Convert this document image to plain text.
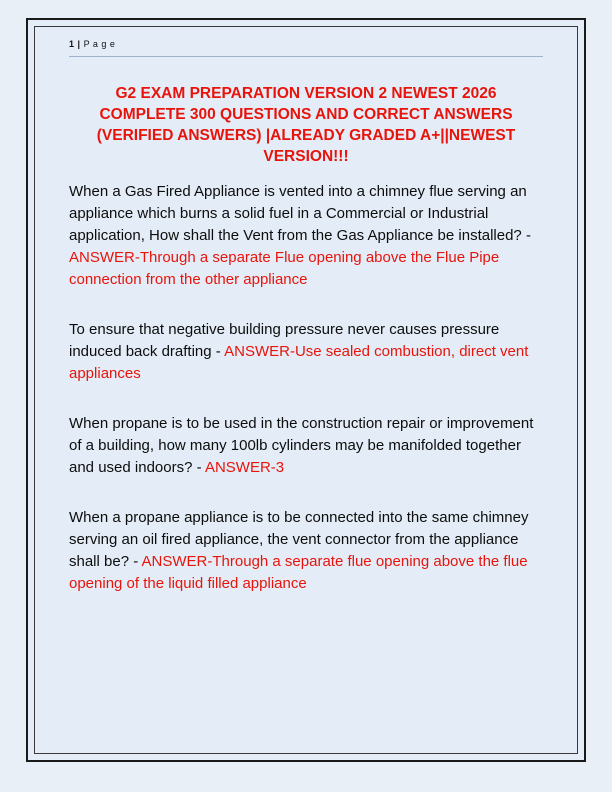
1 | P a g e
G2 EXAM PREPARATION VERSION 2 NEWEST 2026 COMPLETE 300 QUESTIONS AND CORRECT ANSWERS (VERIFIED ANSWERS) |ALREADY GRADED A+||NEWEST VERSION!!!
When a Gas Fired Appliance is vented into a chimney flue serving an appliance which burns a solid fuel in a Commercial or Industrial application, How shall the Vent from the Gas Appliance be installed? - ANSWER-Through a separate Flue opening above the Flue Pipe connection from the other appliance
To ensure that negative building pressure never causes pressure induced back drafting - ANSWER-Use sealed combustion, direct vent appliances
When propane is to be used in the construction repair or improvement of a building, how many 100lb cylinders may be manifolded together and used indoors? - ANSWER-3
When a propane appliance is to be connected into the same chimney serving an oil fired appliance, the vent connector from the appliance shall be? - ANSWER-Through a separate flue opening above the flue opening of the liquid filled appliance
